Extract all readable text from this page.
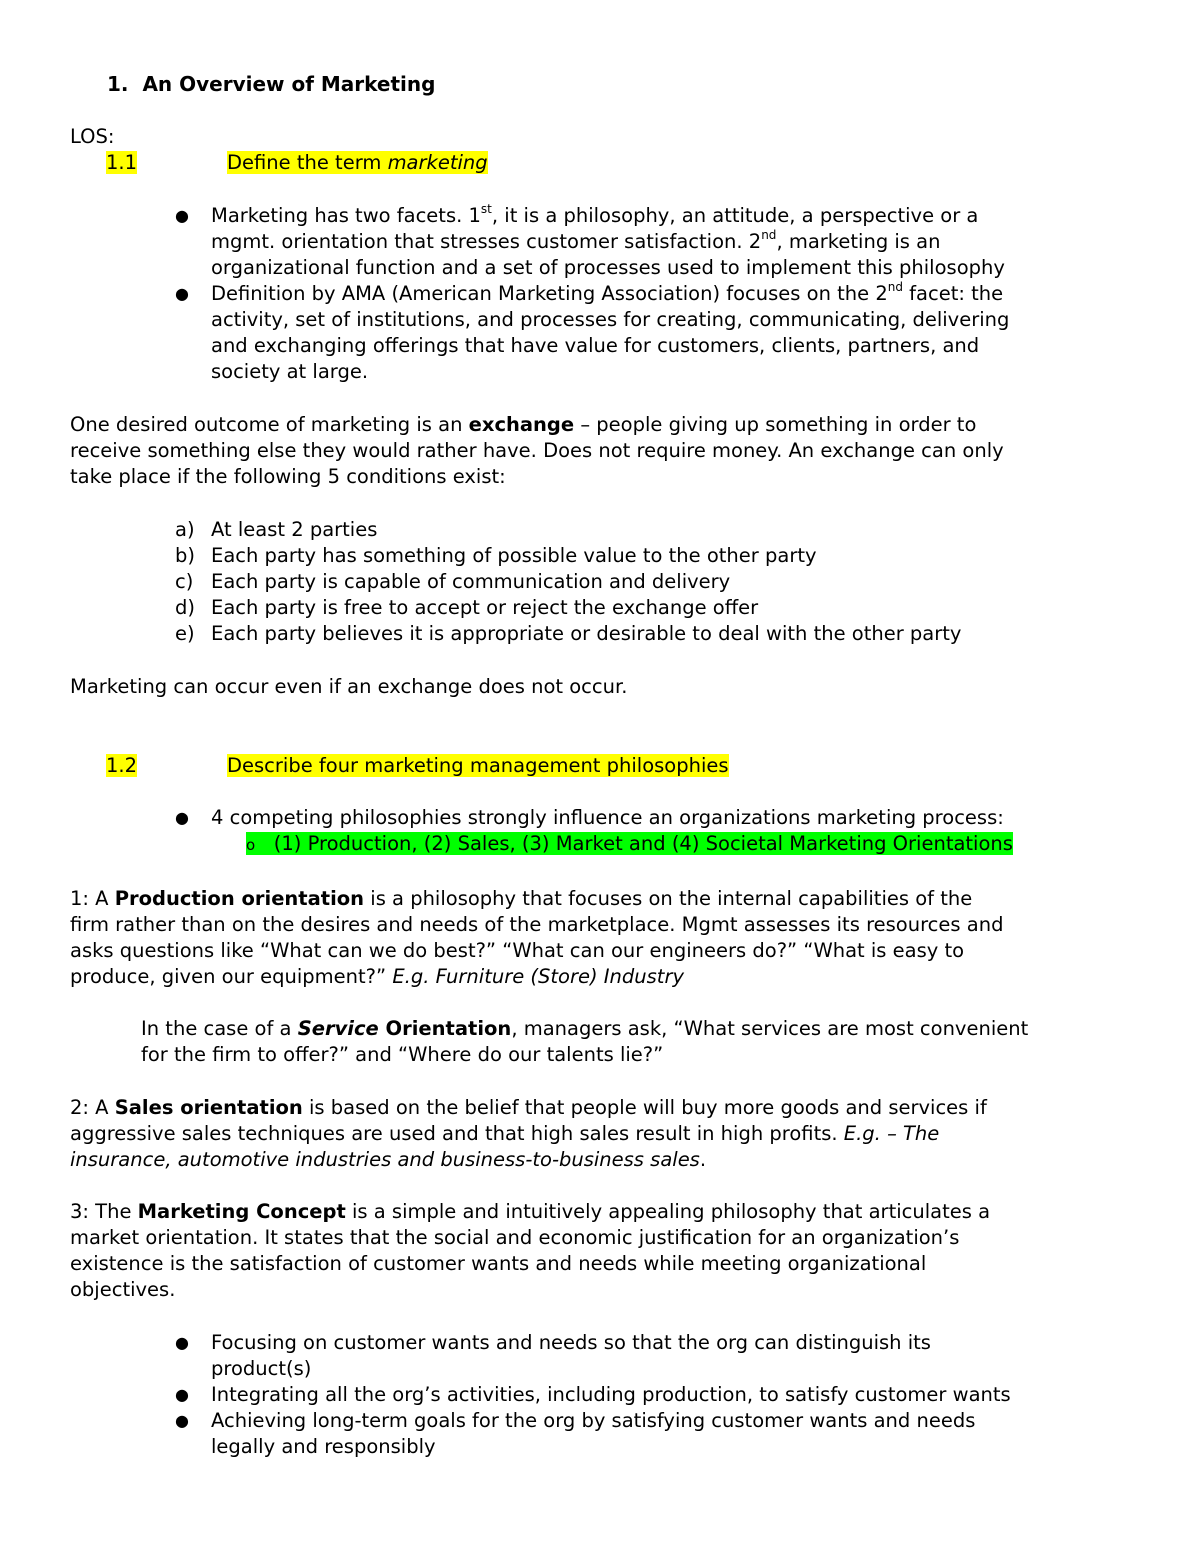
1. An Overview of Marketing
LOS:
1.1	Define the term marketing
● Marketing has two facets. 1st, it is a philosophy, an attitude, a perspective or a
mgmt. orientation that stresses customer satisfaction. 2nd, marketing is an
organizational function and a set of processes used to implement this philosophy
● Definition by AMA (American Marketing Association) focuses on the 2nd facet: the
activity, set of institutions, and processes for creating, communicating, delivering
and exchanging offerings that have value for customers, clients, partners, and
society at large.
One desired outcome of marketing is an exchange – people giving up something in order to
receive something else they would rather have. Does not require money. An exchange can only
take place if the following 5 conditions exist:
a) At least 2 parties
b) Each party has something of possible value to the other party
c) Each party is capable of communication and delivery
d) Each party is free to accept or reject the exchange offer
e) Each party believes it is appropriate or desirable to deal with the other party
Marketing can occur even if an exchange does not occur.
1.2	Describe four marketing management philosophies
● 4 competing philosophies strongly influence an organizations marketing process:
o (1) Production, (2) Sales, (3) Market and (4) Societal Marketing Orientations
1: A Production orientation is a philosophy that focuses on the internal capabilities of the
firm rather than on the desires and needs of the marketplace. Mgmt assesses its resources and
asks questions like “What can we do best?” “What can our engineers do?” “What is easy to
produce, given our equipment?” E.g. Furniture (Store) Industry
In the case of a Service Orientation, managers ask, “What services are most convenient
for the firm to offer?” and “Where do our talents lie?”
2: A Sales orientation is based on the belief that people will buy more goods and services if
aggressive sales techniques are used and that high sales result in high profits. E.g. – The
insurance, automotive industries and business-to-business sales.
3: The Marketing Concept is a simple and intuitively appealing philosophy that articulates a
market orientation. It states that the social and economic justification for an organization’s
existence is the satisfaction of customer wants and needs while meeting organizational
objectives.
● Focusing on customer wants and needs so that the org can distinguish its
product(s)
● Integrating all the org’s activities, including production, to satisfy customer wants
● Achieving long-term goals for the org by satisfying customer wants and needs
legally and responsibly
